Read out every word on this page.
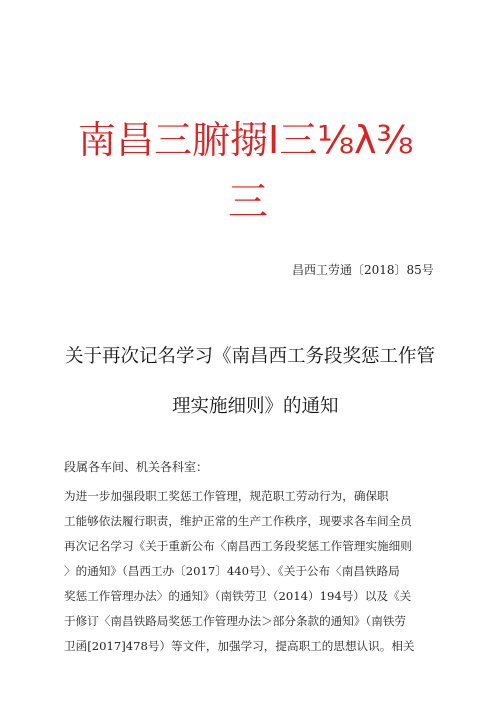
南昌三腑搦Ⅰ三⅛λ⅜
三
昌西工劳通〔2018〕85号
关于再次记名学习《南昌西工务段奖惩工作管
理实施细则》的通知
段属各车间、机关各科室：
为进一步加强段职工奖惩工作管理，规范职工劳动行为，确保职
工能够依法履行职责，维护正常的生产工作秩序，现要求各车间全员
再次记名学习《关于重新公布〈南昌西工务段奖惩工作管理实施细则
〉的通知》（昌西工办〔2017〕440号）、《关于公布〈南昌铁路局
奖惩工作管理办法〉的通知》（南铁劳卫（2014）194号）以及《关
于修订〈南昌铁路局奖惩工作管理办法＞部分条款的通知》（南铁劳
卫函[2017]478号）等文件，加强学习，提高职工的思想认识。相关
